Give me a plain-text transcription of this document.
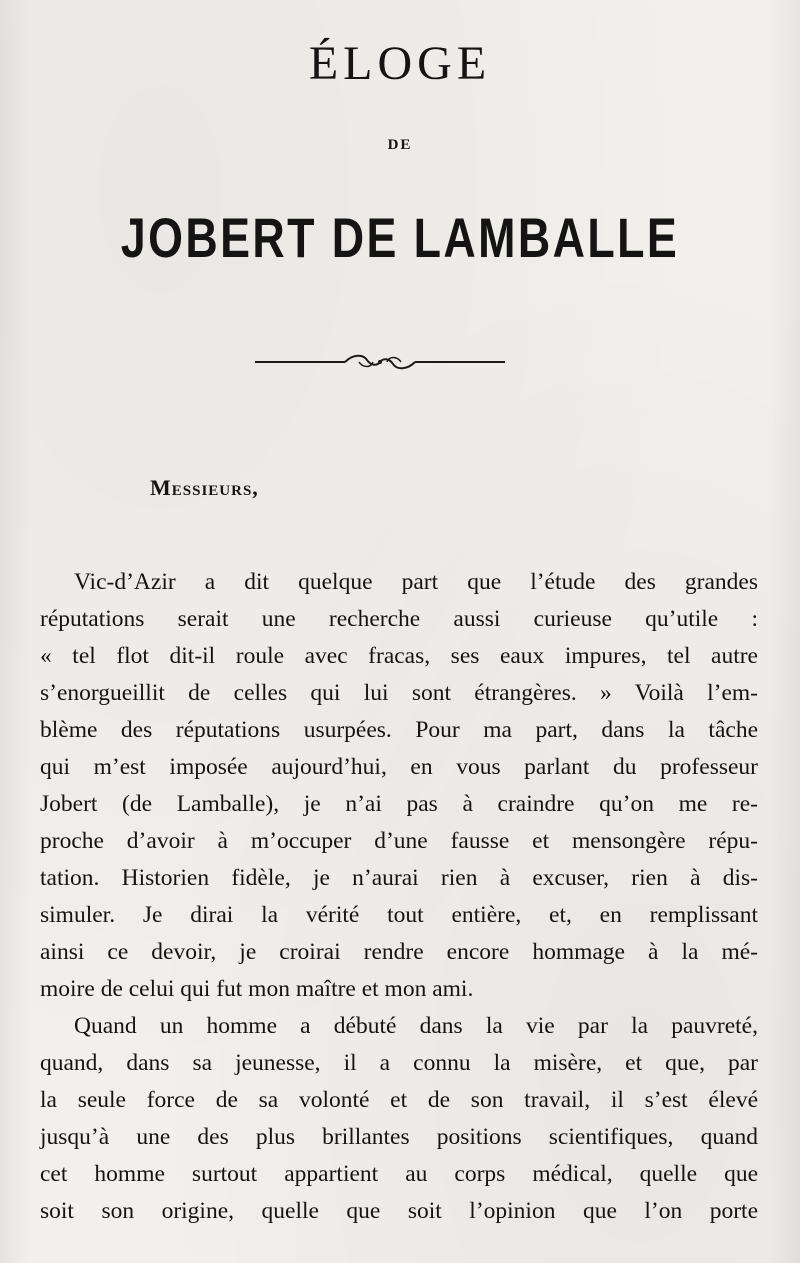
ÉLOGE
DE
JOBERT DE LAMBALLE
Messieurs,
Vic-d’Azir a dit quelque part que l’étude des grandes
réputations serait une recherche aussi curieuse qu’utile :
« tel flot dit-il roule avec fracas, ses eaux impures, tel autre
s’enorgueillit de celles qui lui sont étrangères. » Voilà l’em-
blème des réputations usurpées. Pour ma part, dans la tâche
qui m’est imposée aujourd’hui, en vous parlant du professeur
Jobert (de Lamballe), je n’ai pas à craindre qu’on me re-
proche d’avoir à m’occuper d’une fausse et mensongère répu-
tation. Historien fidèle, je n’aurai rien à excuser, rien à dis-
simuler. Je dirai la vérité tout entière, et, en remplissant
ainsi ce devoir, je croirai rendre encore hommage à la mé-
moire de celui qui fut mon maître et mon ami.
Quand un homme a débuté dans la vie par la pauvreté,
quand, dans sa jeunesse, il a connu la misère, et que, par
la seule force de sa volonté et de son travail, il s’est élevé
jusqu’à une des plus brillantes positions scientifiques, quand
cet homme surtout appartient au corps médical, quelle que
soit son origine, quelle que soit l’opinion que l’on porte
